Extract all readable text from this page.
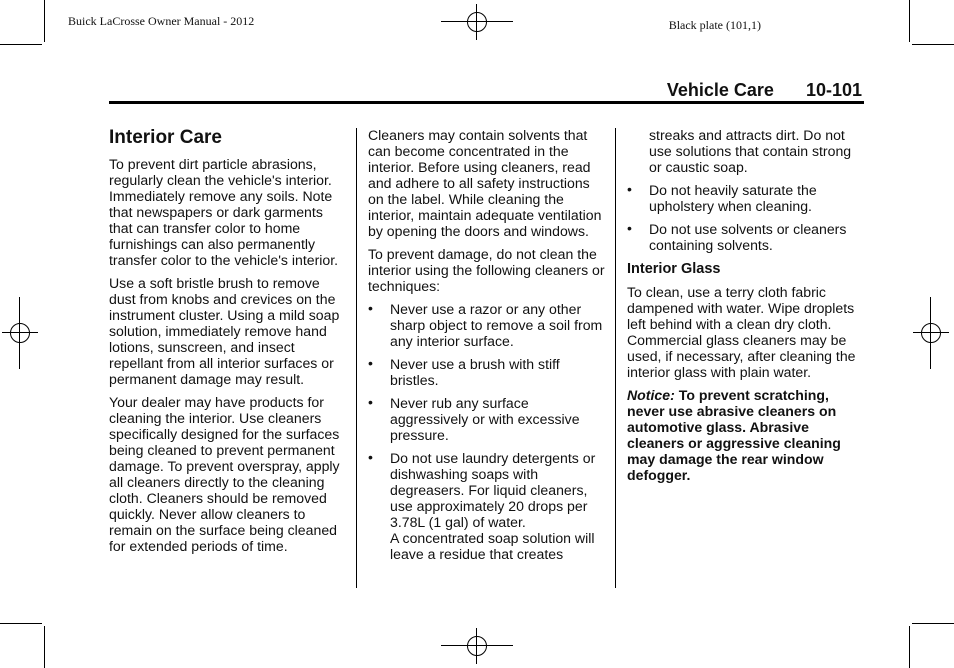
Buick LaCrosse Owner Manual - 2012	Black plate (101,1)
Vehicle Care 10-101
Interior Care

To prevent dirt particle abrasions, regularly clean the vehicle's interior. Immediately remove any soils. Note that newspapers or dark garments that can transfer color to home furnishings can also permanently transfer color to the vehicle's interior.

Use a soft bristle brush to remove dust from knobs and crevices on the instrument cluster. Using a mild soap solution, immediately remove hand lotions, sunscreen, and insect repellant from all interior surfaces or permanent damage may result.

Your dealer may have products for cleaning the interior. Use cleaners specifically designed for the surfaces being cleaned to prevent permanent damage. To prevent overspray, apply all cleaners directly to the cleaning cloth. Cleaners should be removed quickly. Never allow cleaners to remain on the surface being cleaned for extended periods of time.

Cleaners may contain solvents that can become concentrated in the interior. Before using cleaners, read and adhere to all safety instructions on the label. While cleaning the interior, maintain adequate ventilation by opening the doors and windows.

To prevent damage, do not clean the interior using the following cleaners or techniques:

• Never use a razor or any other sharp object to remove a soil from any interior surface.
• Never use a brush with stiff bristles.
• Never rub any surface aggressively or with excessive pressure.
• Do not use laundry detergents or dishwashing soaps with degreasers. For liquid cleaners, use approximately 20 drops per 3.78L (1 gal) of water.
A concentrated soap solution will leave a residue that creates
streaks and attracts dirt. Do not use solutions that contain strong or caustic soap.
• Do not heavily saturate the upholstery when cleaning.
• Do not use solvents or cleaners containing solvents.
Interior Glass

To clean, use a terry cloth fabric dampened with water. Wipe droplets left behind with a clean dry cloth. Commercial glass cleaners may be used, if necessary, after cleaning the interior glass with plain water.

Notice: To prevent scratching, never use abrasive cleaners on automotive glass. Abrasive cleaners or aggressive cleaning may damage the rear window defogger.
